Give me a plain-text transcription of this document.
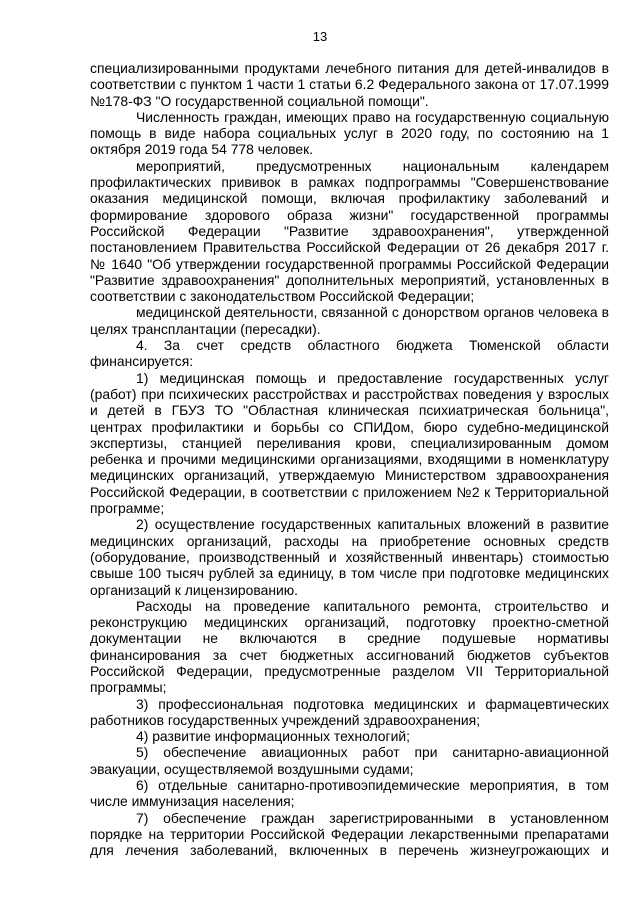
13

специализированными продуктами лечебного питания для детей-инвалидов в соответствии с пунктом 1 части 1 статьи 6.2 Федерального закона от 17.07.1999 №178-ФЗ "О государственной социальной помощи".

Численность граждан, имеющих право на государственную социальную помощь в виде набора социальных услуг в 2020 году, по состоянию на 1 октября 2019 года 54 778 человек.

мероприятий, предусмотренных национальным календарем профилактических прививок в рамках подпрограммы "Совершенствование оказания медицинской помощи, включая профилактику заболеваний и формирование здорового образа жизни" государственной программы Российской Федерации "Развитие здравоохранения", утвержденной постановлением Правительства Российской Федерации от 26 декабря 2017 г. № 1640 "Об утверждении государственной программы Российской Федерации "Развитие здравоохранения" дополнительных мероприятий, установленных в соответствии с законодательством Российской Федерации;

медицинской деятельности, связанной с донорством органов человека в целях трансплантации (пересадки).

4. За счет средств областного бюджета Тюменской области финансируется:

1) медицинская помощь и предоставление государственных услуг (работ) при психических расстройствах и расстройствах поведения у взрослых и детей в ГБУЗ ТО "Областная клиническая психиатрическая больница", центрах профилактики и борьбы со СПИДом, бюро судебно-медицинской экспертизы, станцией переливания крови, специализированным домом ребенка и прочими медицинскими организациями, входящими в номенклатуру медицинских организаций, утверждаемую Министерством здравоохранения Российской Федерации, в соответствии с приложением №2 к Территориальной программе;

2) осуществление государственных капитальных вложений в развитие медицинских организаций, расходы на приобретение основных средств (оборудование, производственный и хозяйственный инвентарь) стоимостью свыше 100 тысяч рублей за единицу, в том числе при подготовке медицинских организаций к лицензированию.

Расходы на проведение капитального ремонта, строительство и реконструкцию медицинских организаций, подготовку проектно-сметной документации не включаются в средние подушевые нормативы финансирования за счет бюджетных ассигнований бюджетов субъектов Российской Федерации, предусмотренные разделом VII Территориальной программы;

3) профессиональная подготовка медицинских и фармацевтических работников государственных учреждений здравоохранения;

4) развитие информационных технологий;

5) обеспечение авиационных работ при санитарно-авиационной эвакуации, осуществляемой воздушными судами;

6) отдельные санитарно-противоэпидемические мероприятия, в том числе иммунизация населения;

7) обеспечение граждан зарегистрированными в установленном порядке на территории Российской Федерации лекарственными препаратами для лечения заболеваний, включенных в перечень жизнеугрожающих и
